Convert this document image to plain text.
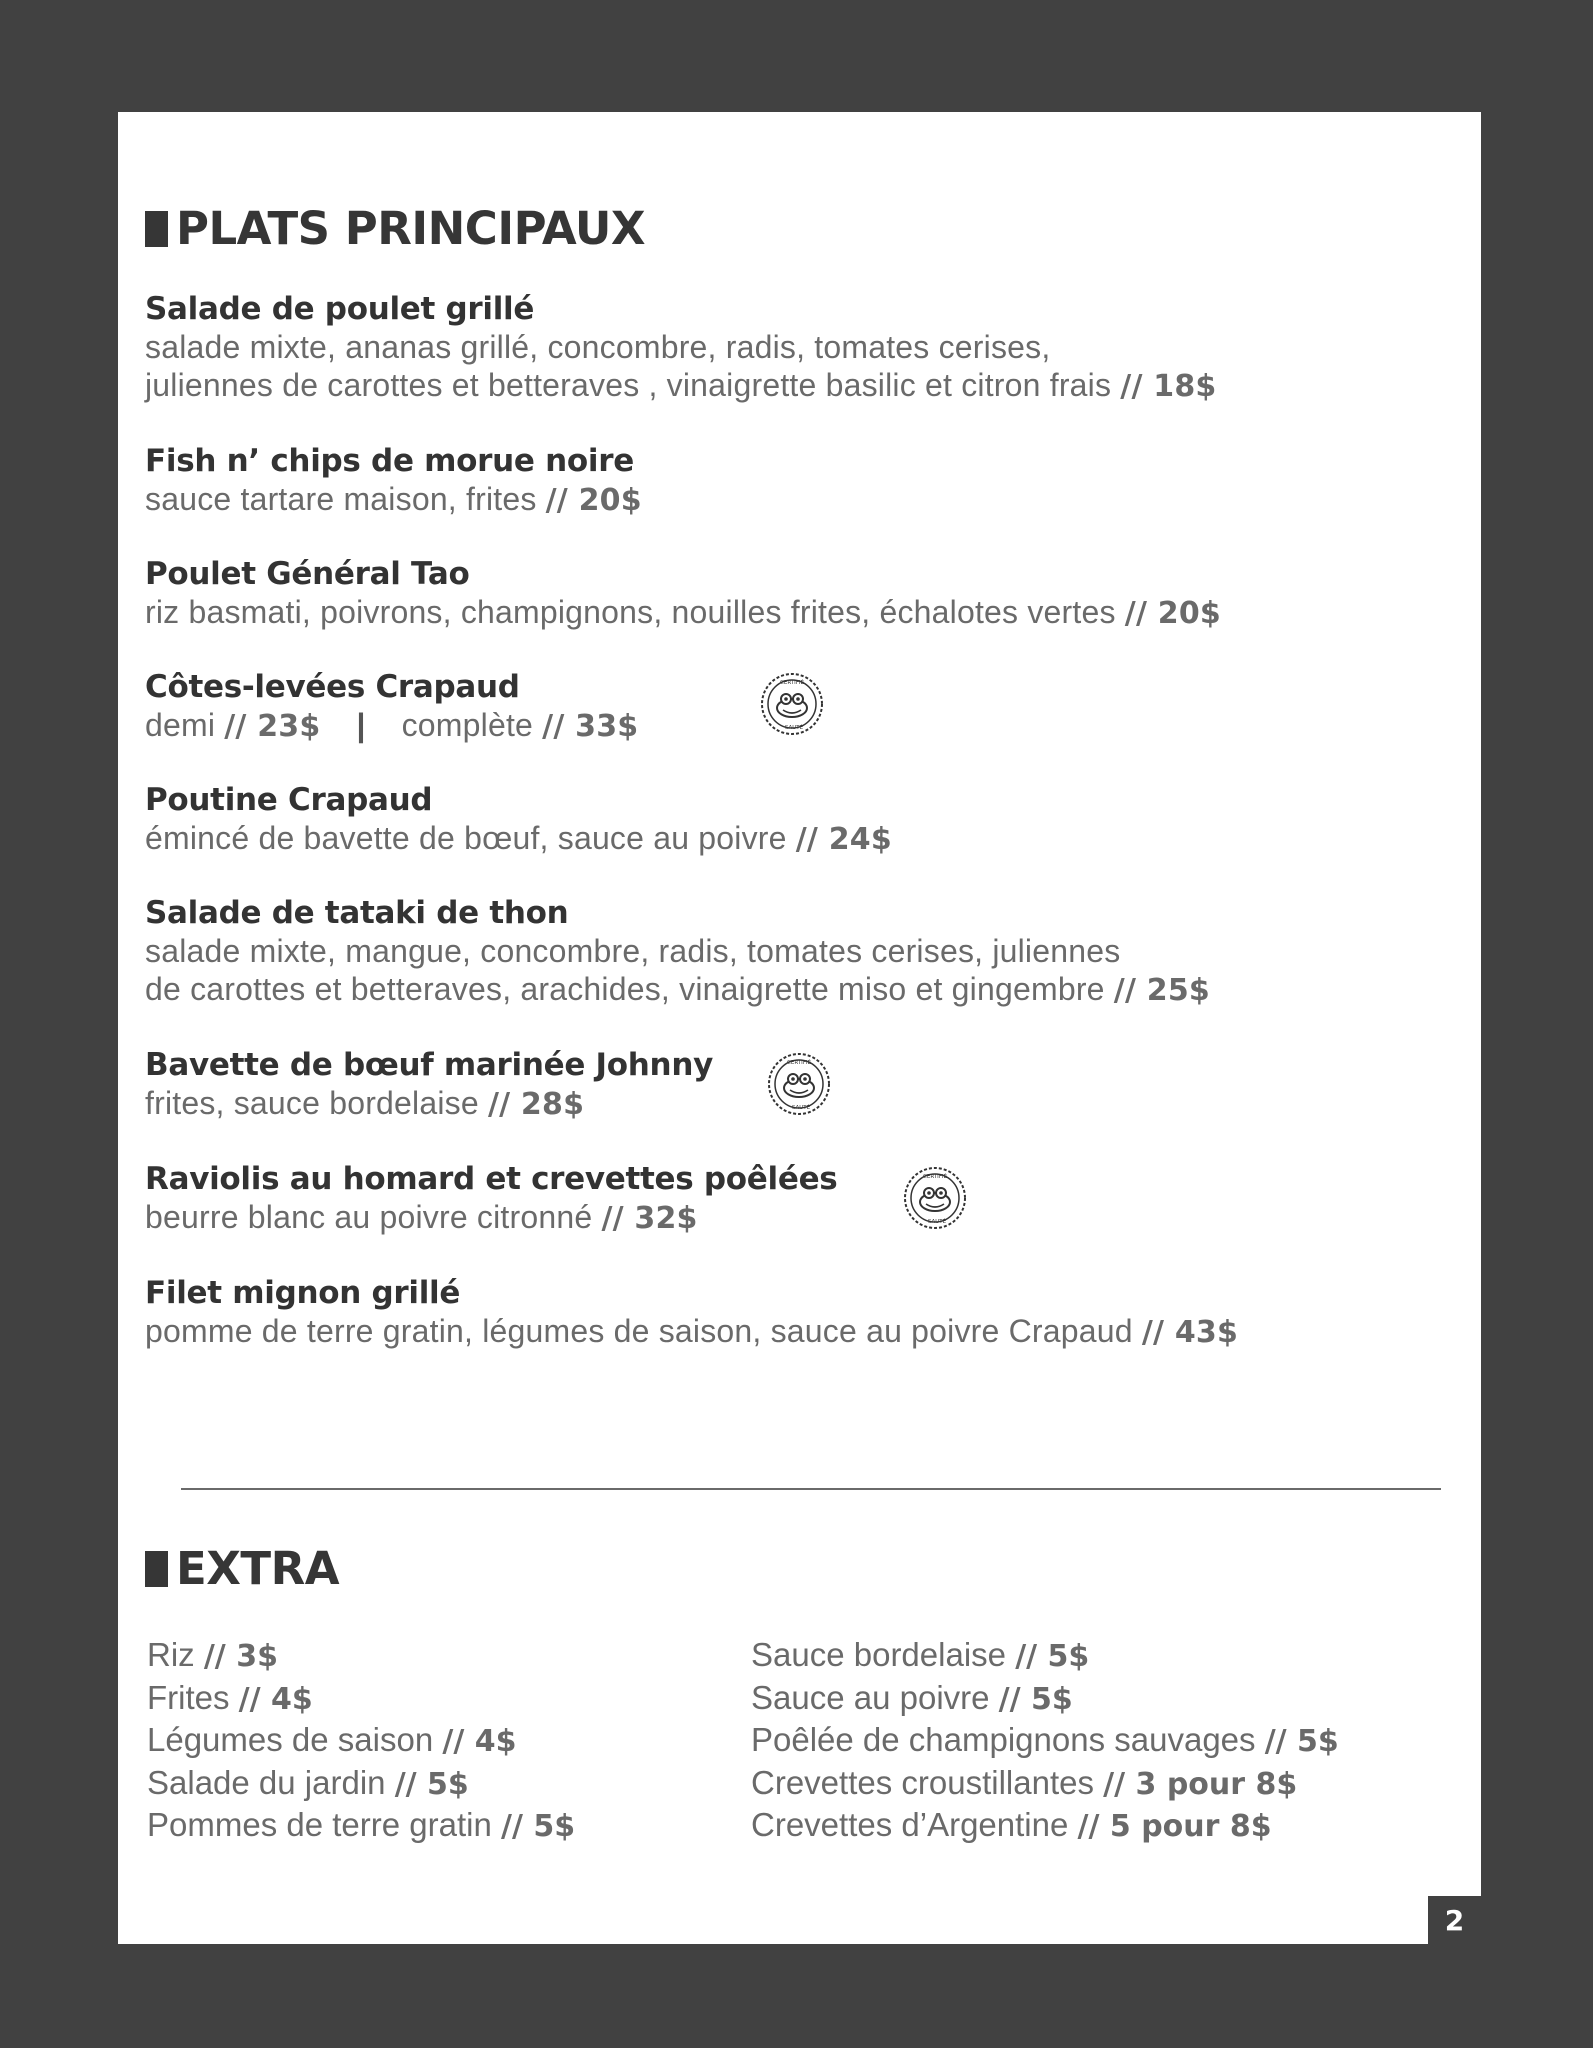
PLATS PRINCIPAUX
Salade de poulet grillé
salade mixte, ananas grillé, concombre, radis, tomates cerises,
juliennes de carottes et betteraves , vinaigrette basilic et citron frais // 18$
Fish n’ chips de morue noire
sauce tartare maison, frites // 20$
Poulet Général Tao
riz basmati, poivrons, champignons, nouilles frites, échalotes vertes // 20$
Côtes-levées Crapaud
demi // 23$ | complète // 33$
Poutine Crapaud
émincé de bavette de bœuf, sauce au poivre // 24$
Salade de tataki de thon
salade mixte, mangue, concombre, radis, tomates cerises, juliennes
de carottes et betteraves, arachides, vinaigrette miso et gingembre // 25$
Bavette de bœuf marinée Johnny
frites, sauce bordelaise // 28$
Raviolis au homard et crevettes poêlées
beurre blanc au poivre citronné // 32$
Filet mignon grillé
pomme de terre gratin, légumes de saison, sauce au poivre Crapaud // 43$
CERTIFIÉ
SAUTÉ
CERTIFIÉ
SAUTÉ
CERTIFIÉ
SAUTÉ
EXTRA
Riz // 3$
Frites // 4$
Légumes de saison // 4$
Salade du jardin // 5$
Pommes de terre gratin // 5$
Sauce bordelaise // 5$
Sauce au poivre // 5$
Poêlée de champignons sauvages // 5$
Crevettes croustillantes // 3 pour 8$
Crevettes d’Argentine // 5 pour 8$
2
